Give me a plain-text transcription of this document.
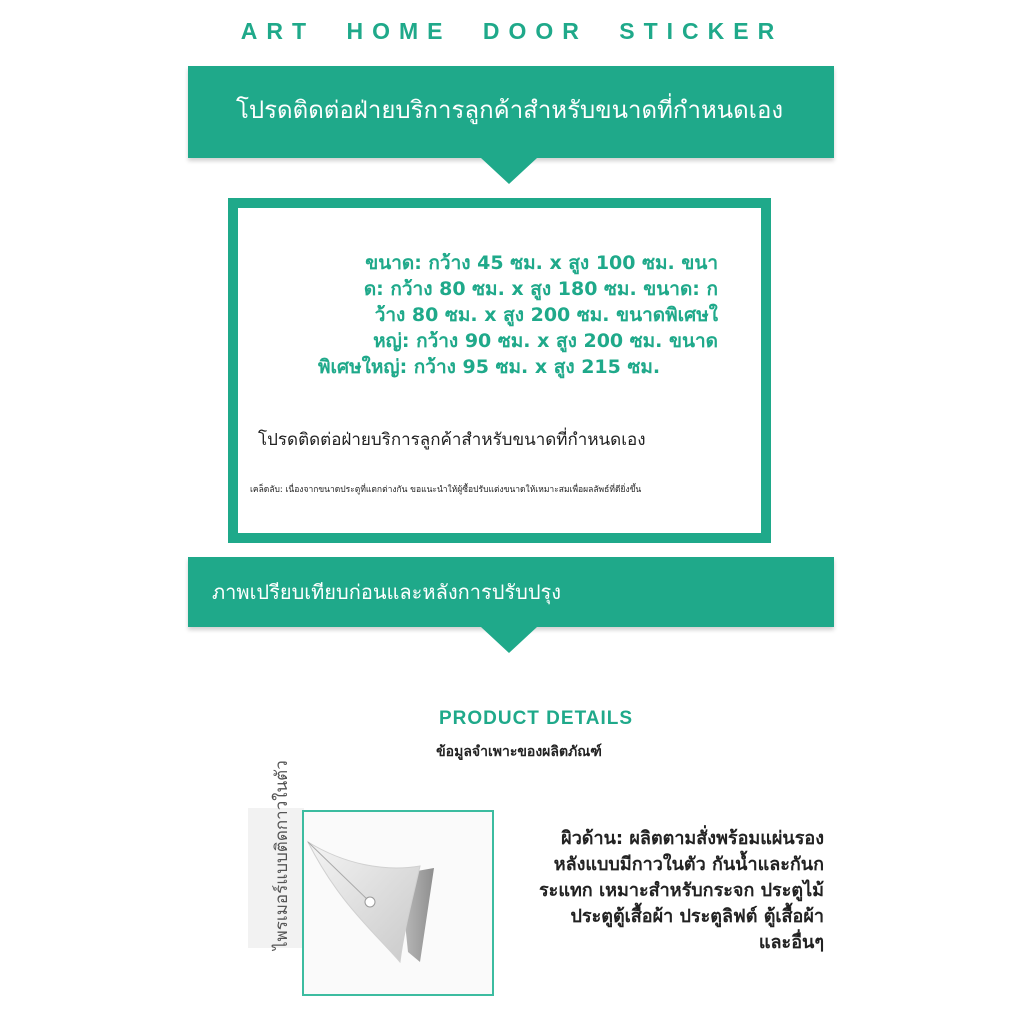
ART HOME DOOR STICKER
โปรดติดต่อฝ่ายบริการลูกค้าสำหรับขนาดที่กำหนดเอง
ขนาด: กว้าง 45 ซม. x สูง 100 ซม. ขนา
ด: กว้าง 80 ซม. x สูง 180 ซม. ขนาด: ก
ว้าง 80 ซม. x สูง 200 ซม. ขนาดพิเศษใ
หญ่: กว้าง 90 ซม. x สูง 200 ซม. ขนาด
พิเศษใหญ่: กว้าง 95 ซม. x สูง 215 ซม.
โปรดติดต่อฝ่ายบริการลูกค้าสำหรับขนาดที่กำหนดเอง
เคล็ดลับ: เนื่องจากขนาดประตูที่แตกต่างกัน ขอแนะนำให้ผู้ซื้อปรับแต่งขนาดให้เหมาะสมเพื่อผลลัพธ์ที่ดียิ่งขึ้น
ภาพเปรียบเทียบก่อนและหลังการปรับปรุง
PRODUCT DETAILS
ข้อมูลจำเพาะของผลิตภัณฑ์
ไพรเมอร์แบบติดกาวในตัว	ผิวด้าน: ผลิตตามสั่งพร้อมแผ่นรอง
หลังแบบมีกาวในตัว กันน้ำและกันก
ระแทก เหมาะสำหรับกระจก ประตูไม้
ประตูตู้เสื้อผ้า ประตูลิฟต์ ตู้เสื้อผ้า
และอื่นๆ
